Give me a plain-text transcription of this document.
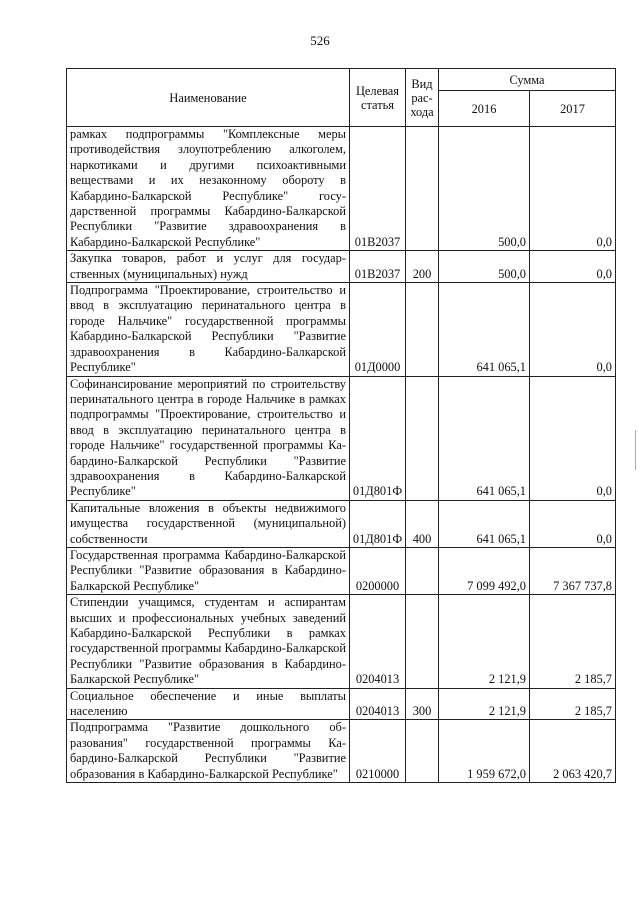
526
Наименование	Целевая статья	Вид рас- хода	Сумма	
			2016	2017
рамках подпрограммы "Комплексные меры противодействия злоупотреблению алкоголем, наркотиками и другими психоактивными веществами и их незаконному обороту в Кабардино-Балкарской Республике" государственной программы Кабардино-Балкарской Республики "Развитие здравоохранения в Кабардино-Балкарской Республике"	01В2037		500,0	0,0
Закупка товаров, работ и услуг для государственных (муниципальных) нужд	01В2037	200	500,0	0,0
Подпрограмма "Проектирование, строительство и ввод в эксплуатацию перинатального центра в городе Нальчике" государственной программы Кабардино-Балкарской Республики "Развитие здравоохранения в Кабардино-Балкарской Республике"	01Д0000		641 065,1	0,0
Софинансирование мероприятий по строительству перинатального центра в городе Нальчике в рамках подпрограммы "Проектирование, строительство и ввод в эксплуатацию перинатального центра в городе Нальчике" государственной программы Кабардино-Балкарской Республики "Развитие здравоохранения в Кабардино-Балкарской Республике"	01Д801Ф		641 065,1	0,0
Капитальные вложения в объекты недвижимого имущества государственной (муниципальной) собственности	01Д801Ф	400	641 065,1	0,0
Государственная программа Кабардино-Балкарской Республики "Развитие образования в Кабардино-Балкарской Республике"	0200000		7 099 492,0	7 367 737,8
Стипендии учащимся, студентам и аспирантам высших и профессиональных учебных заведений Кабардино-Балкарской Республики в рамках государственной программы Кабардино-Балкарской Республики "Развитие образования в Кабардино-Балкарской Республике"	0204013		2 121,9	2 185,7
Социальное обеспечение и иные выплаты населению	0204013	300	2 121,9	2 185,7
Подпрограмма "Развитие дошкольного образования" государственной программы Кабардино-Балкарской Республики "Развитие образования в Кабардино-Балкарской Республике"	0210000		1 959 672,0	2 063 420,7
